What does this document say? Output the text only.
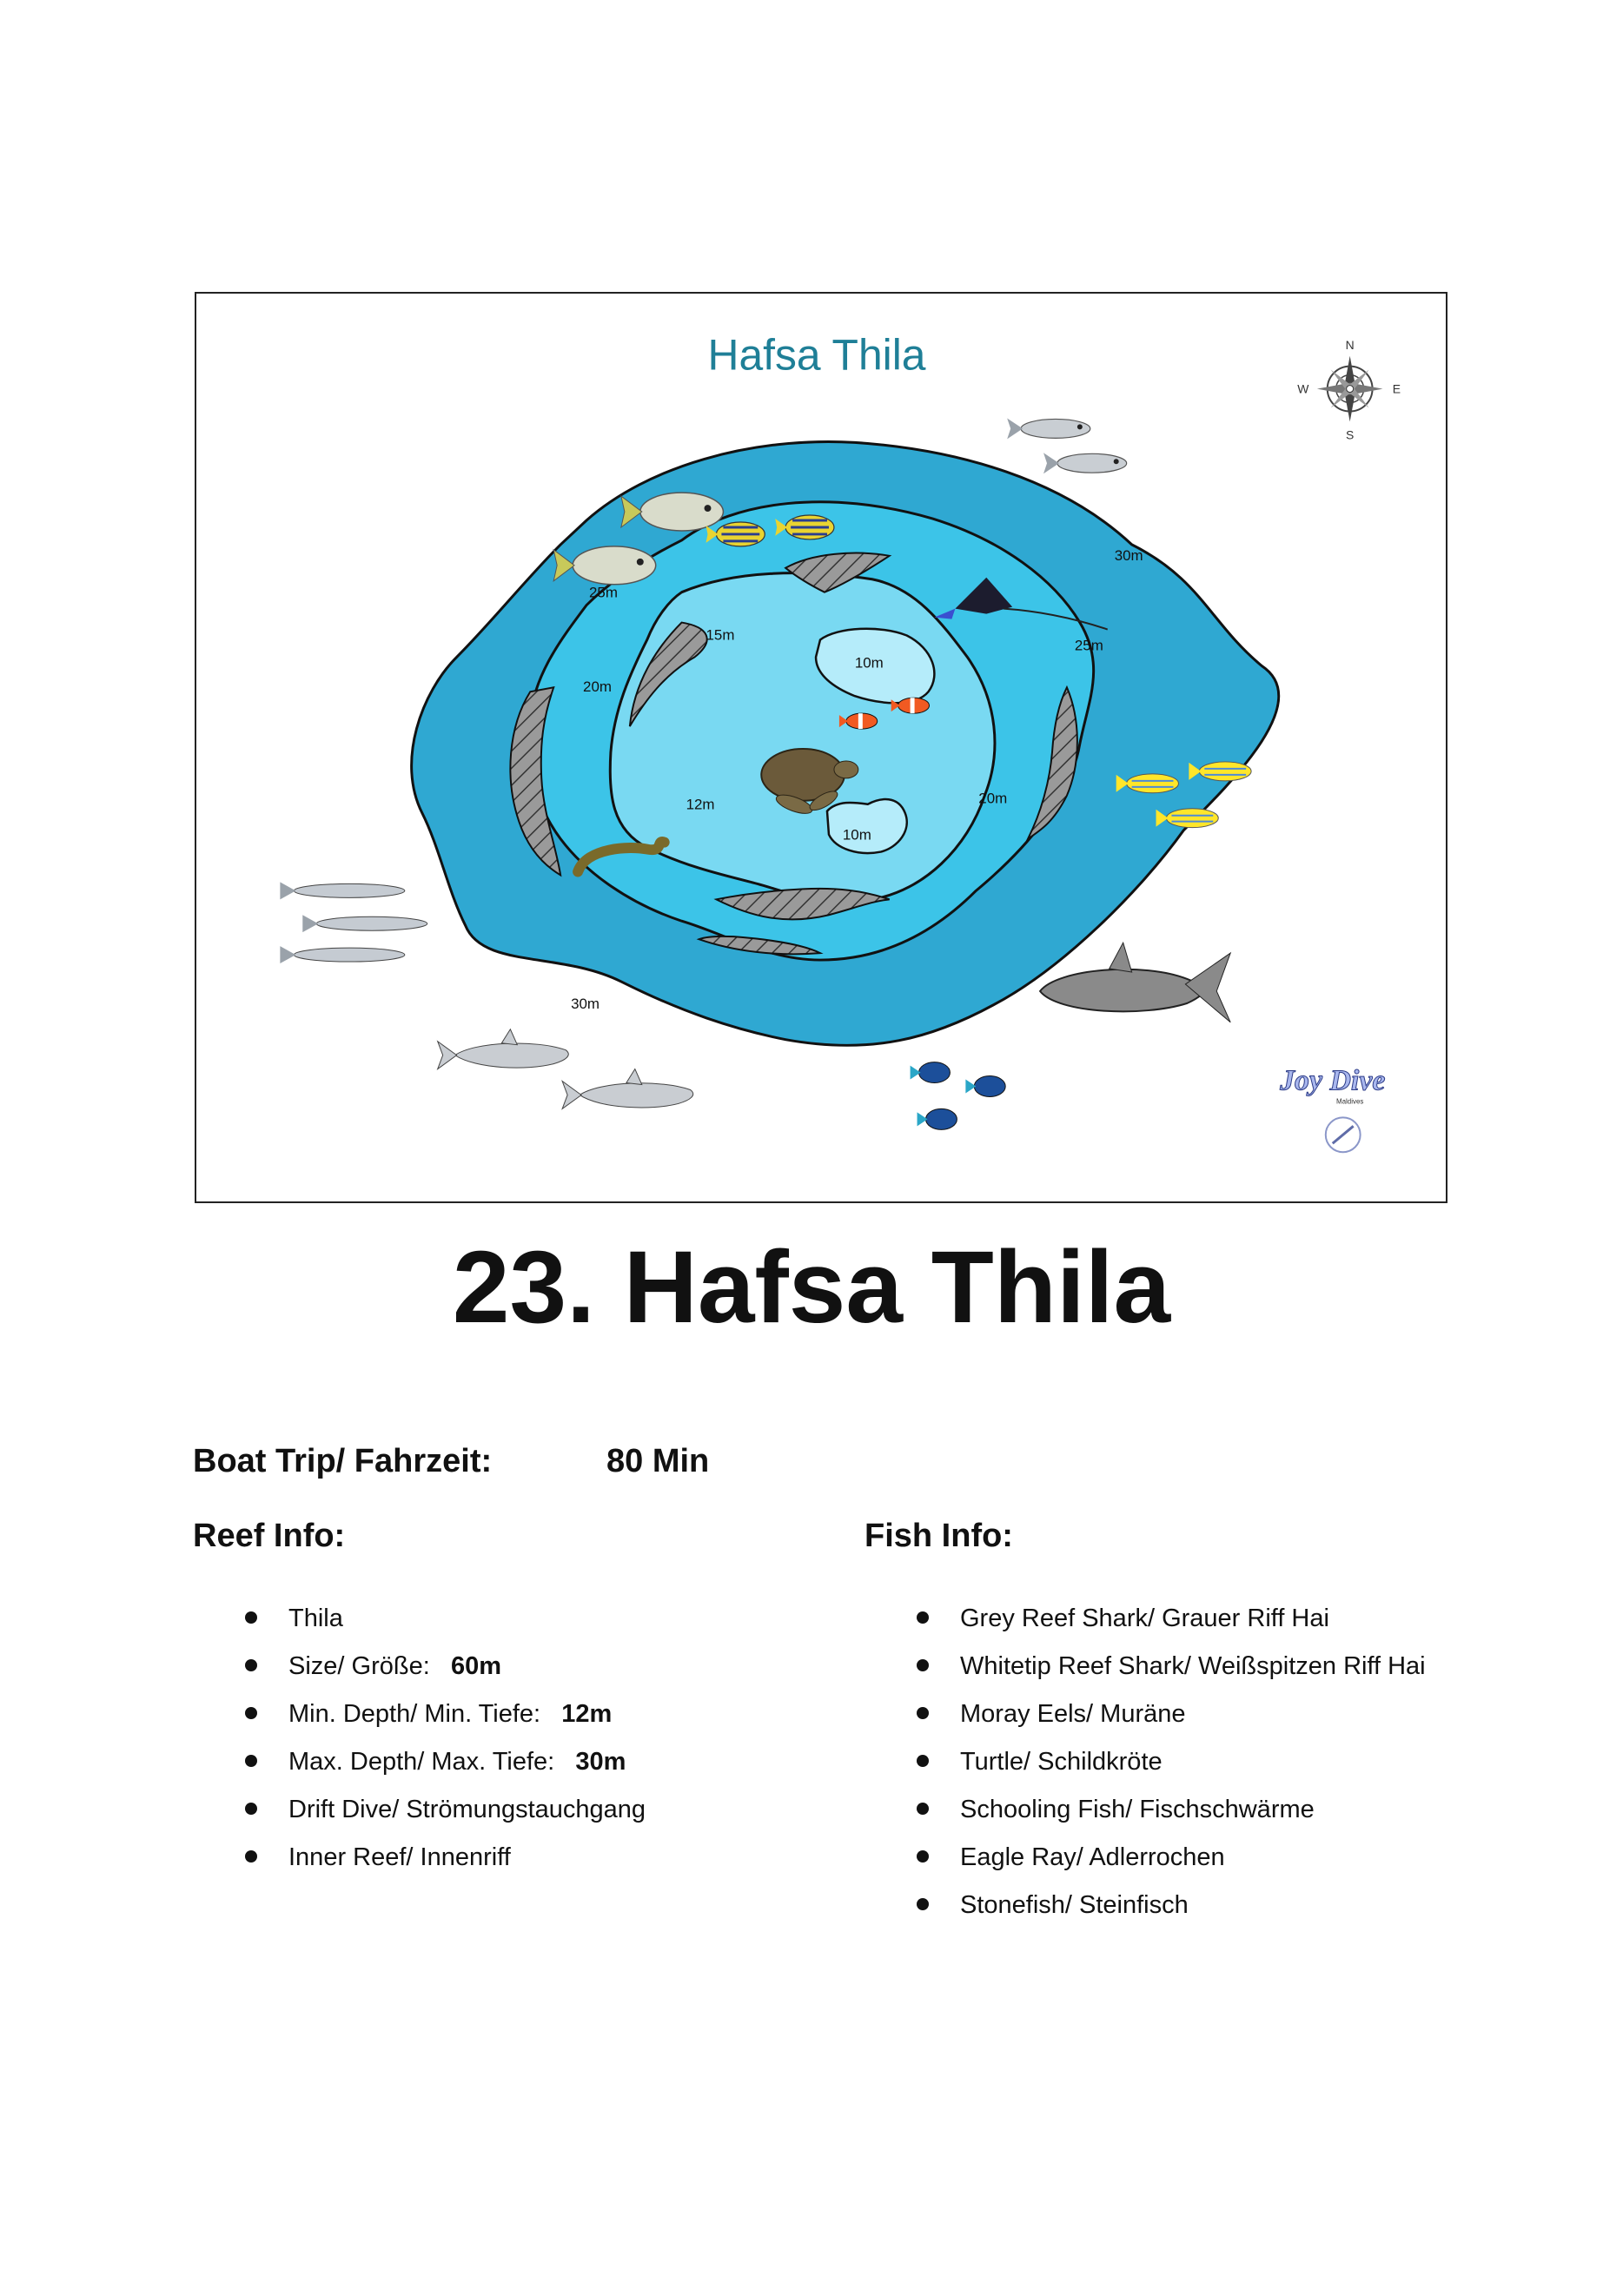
Hafsa Thila	N
S
W	E
30m
25m
25m
15m
20m
20m
12m
10m
10m
30m
Joy Dive
Maldives
23. Hafsa Thila
Boat Trip/ Fahrzeit:	80 Min
Reef Info:	Fish Info:
Thila
Size/ Größe: 60m
Min. Depth/ Min. Tiefe: 12m
Max. Depth/ Max. Tiefe: 30m
Drift Dive/ Strömungstauchgang
Inner Reef/ Innenriff
Grey Reef Shark/ Grauer Riff Hai
Whitetip Reef Shark/ Weißspitzen Riff Hai
Moray Eels/ Muräne
Turtle/ Schildkröte
Schooling Fish/ Fischschwärme
Eagle Ray/ Adlerrochen
Stonefish/ Steinfisch
